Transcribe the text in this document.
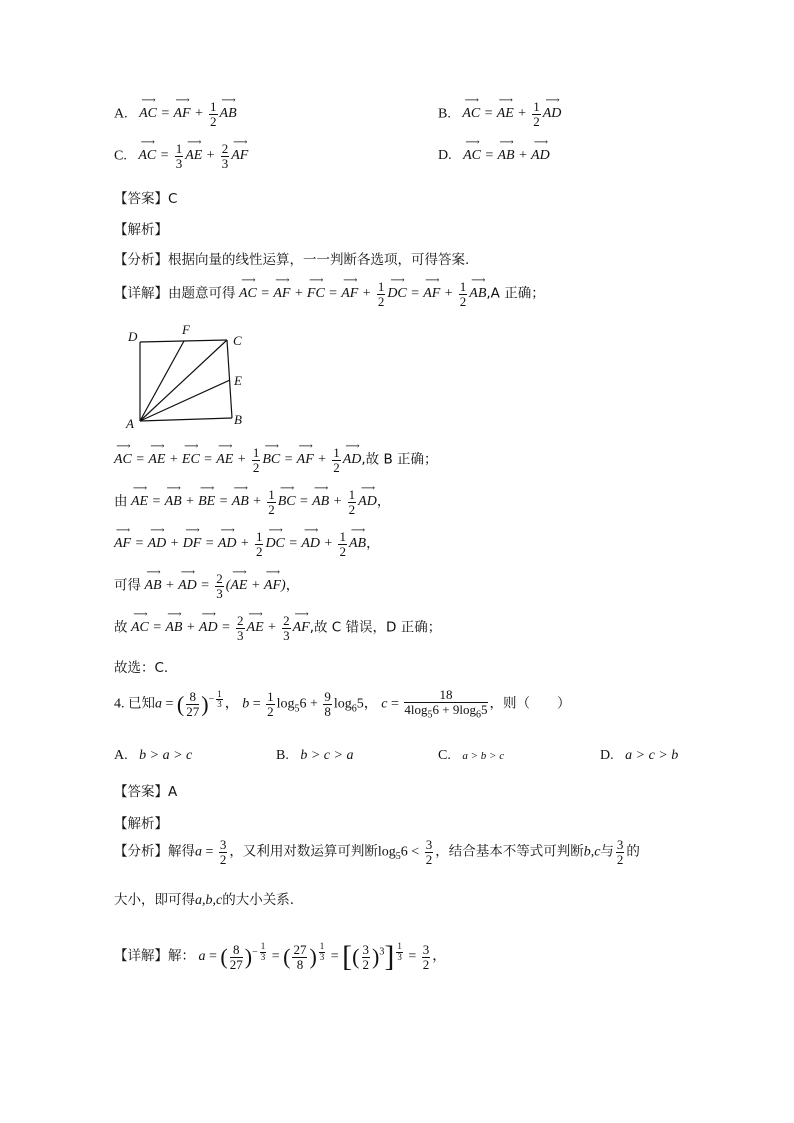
A. ⟶ AC = ⟶ AF + $\frac{1}{2}$ ⟶ AB	B. ⟶ AC = ⟶ AE + $\frac{1}{2}$ ⟶ AD
C. ⟶ AC = $\frac{1}{3}$ ⟶ AE + $\frac{2}{3}$ ⟶ AF	D. ⟶ AC = ⟶ AB + ⟶ AD
【答案】C
【解析】
【分析】根据向量的线性运算，一一判断各选项，可得答案.
【详解】由题意可得 ⟶ AC = ⟶ AF + ⟶ FC = ⟶ AF + $\frac{1}{2}$ ⟶ DC = ⟶ AF + $\frac{1}{2}$ ⟶ AB,A 正确；
D	F
C
E
A	B
⟶ AC = ⟶ AE + ⟶ EC = ⟶ AE + $\frac{1}{2}$ ⟶ BC = ⟶ AF + $\frac{1}{2}$ ⟶ AD,故 B 正确；
由 ⟶ AE = ⟶ AB + ⟶ BE = ⟶ AB + $\frac{1}{2}$ ⟶ BC = ⟶ AB + $\frac{1}{2}$ ⟶ AD，
⟶ AF = ⟶ AD + ⟶ DF = ⟶ AD + $\frac{1}{2}$ ⟶ DC = ⟶ AD + $\frac{1}{2}$ ⟶ AB，
可得 ⟶ AB + ⟶ AD = $\frac{2}{3}$ (⟶ AE + ⟶ AF)，
故 ⟶ AC = ⟶ AB + ⟶ AD = $\frac{2}{3}$ ⟶ AE + $\frac{2}{3}$ ⟶ AF,故 C 错误，D 正确；
故选：C.
4. 已知a = ( $\frac{8}{27} )^{- \frac{1}{3}}$ ， $b = \frac{1}{2} \log_56 + \frac{9}{8} \log_65$， $c = \frac{18}{4\log_56 + 9\log_65}$ ，则（　　）
A. b > a > c	B. b > c > a	C. a > b > c	D. a > c > b
【答案】A
【解析】
【分析】解得$a = \frac{3}{2}$ ，又利用对数运算可判断$\log_56 < \frac{3}{2}$ ，结合基本不等式可判断b,c与 $\frac{3}{2}$ 的
大小，即可得a,b,c的大小关系.
【详解】解： a = ( $\frac{8}{27} )^{- \frac{1}{3}}$ = ( $\frac{27}{8}$ ) $^{\frac{1}{3}}$ = [( $\frac{3}{2} )^3$] $^{\frac{1}{3}} = \frac{3}{2}$ ，
